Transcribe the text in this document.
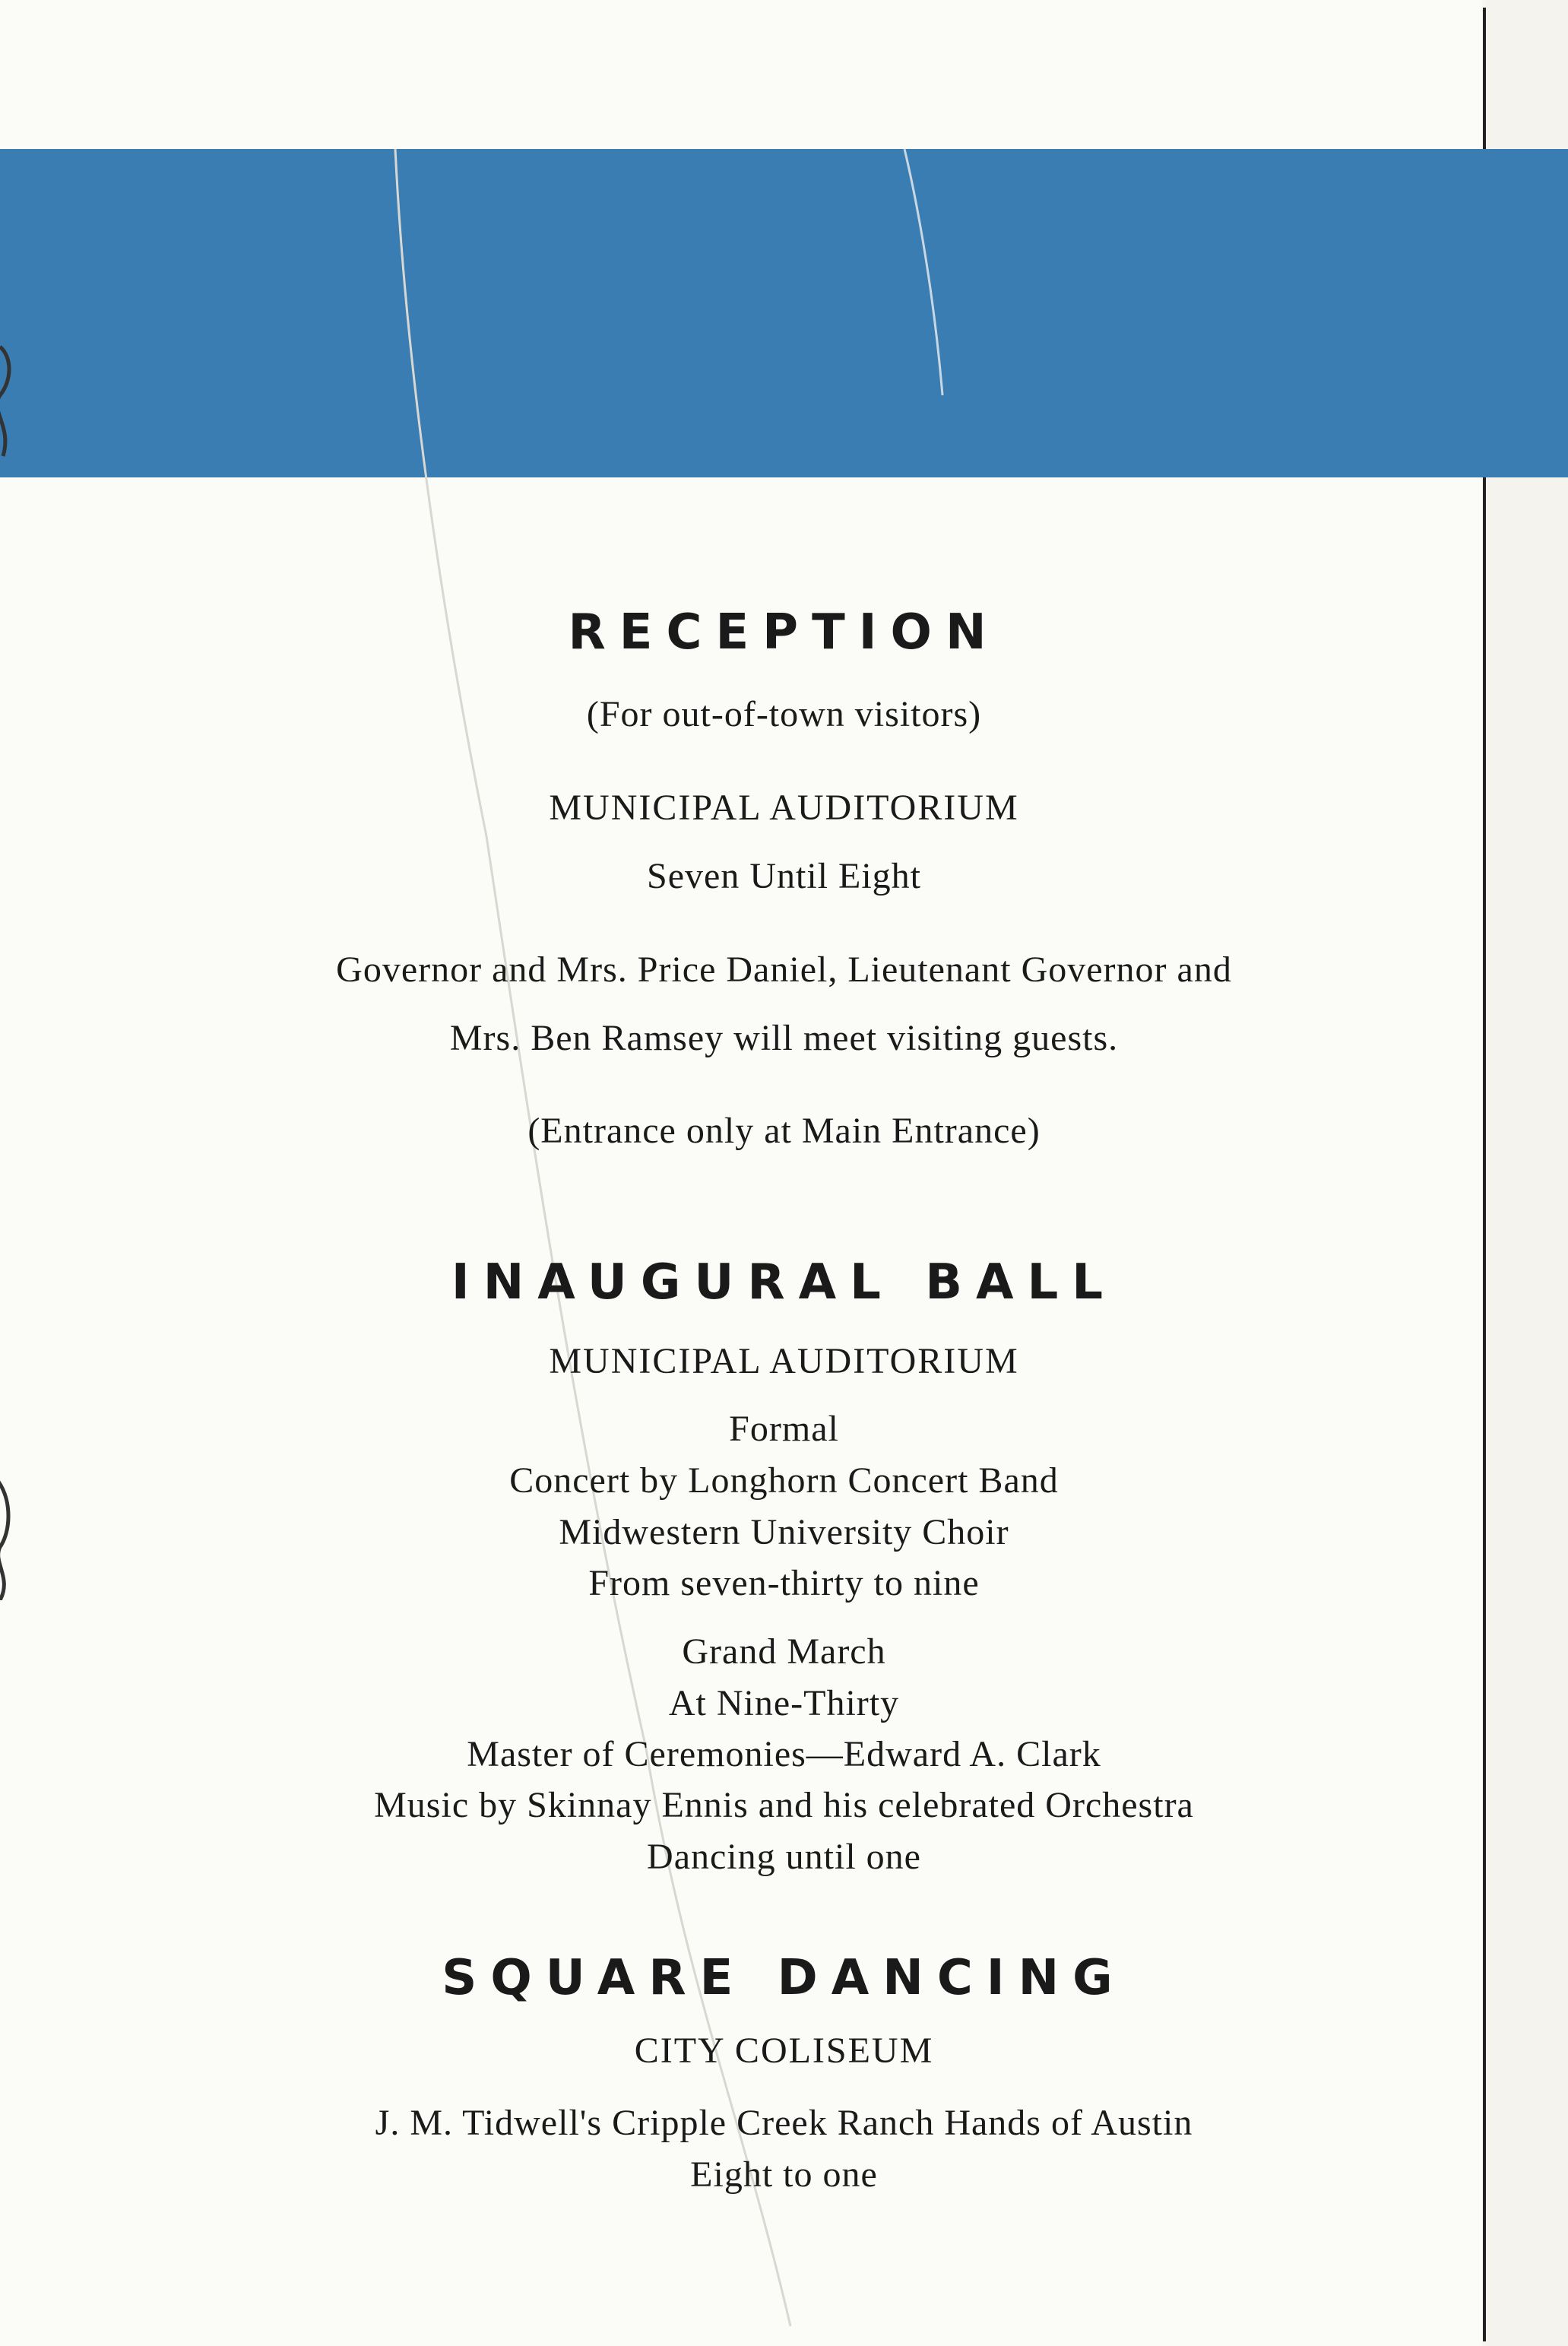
RECEPTION
(For out-of-town visitors)
MUNICIPAL AUDITORIUM
Seven Until Eight
Governor and Mrs. Price Daniel, Lieutenant Governor and
Mrs. Ben Ramsey will meet visiting guests.
(Entrance only at Main Entrance)
INAUGURAL BALL
MUNICIPAL AUDITORIUM
Formal
Concert by Longhorn Concert Band
Midwestern University Choir
From seven-thirty to nine
Grand March
At Nine-Thirty
Master of Ceremonies—Edward A. Clark
Music by Skinnay Ennis and his celebrated Orchestra
Dancing until one
SQUARE DANCING
CITY COLISEUM
J. M. Tidwell's Cripple Creek Ranch Hands of Austin
Eight to one
